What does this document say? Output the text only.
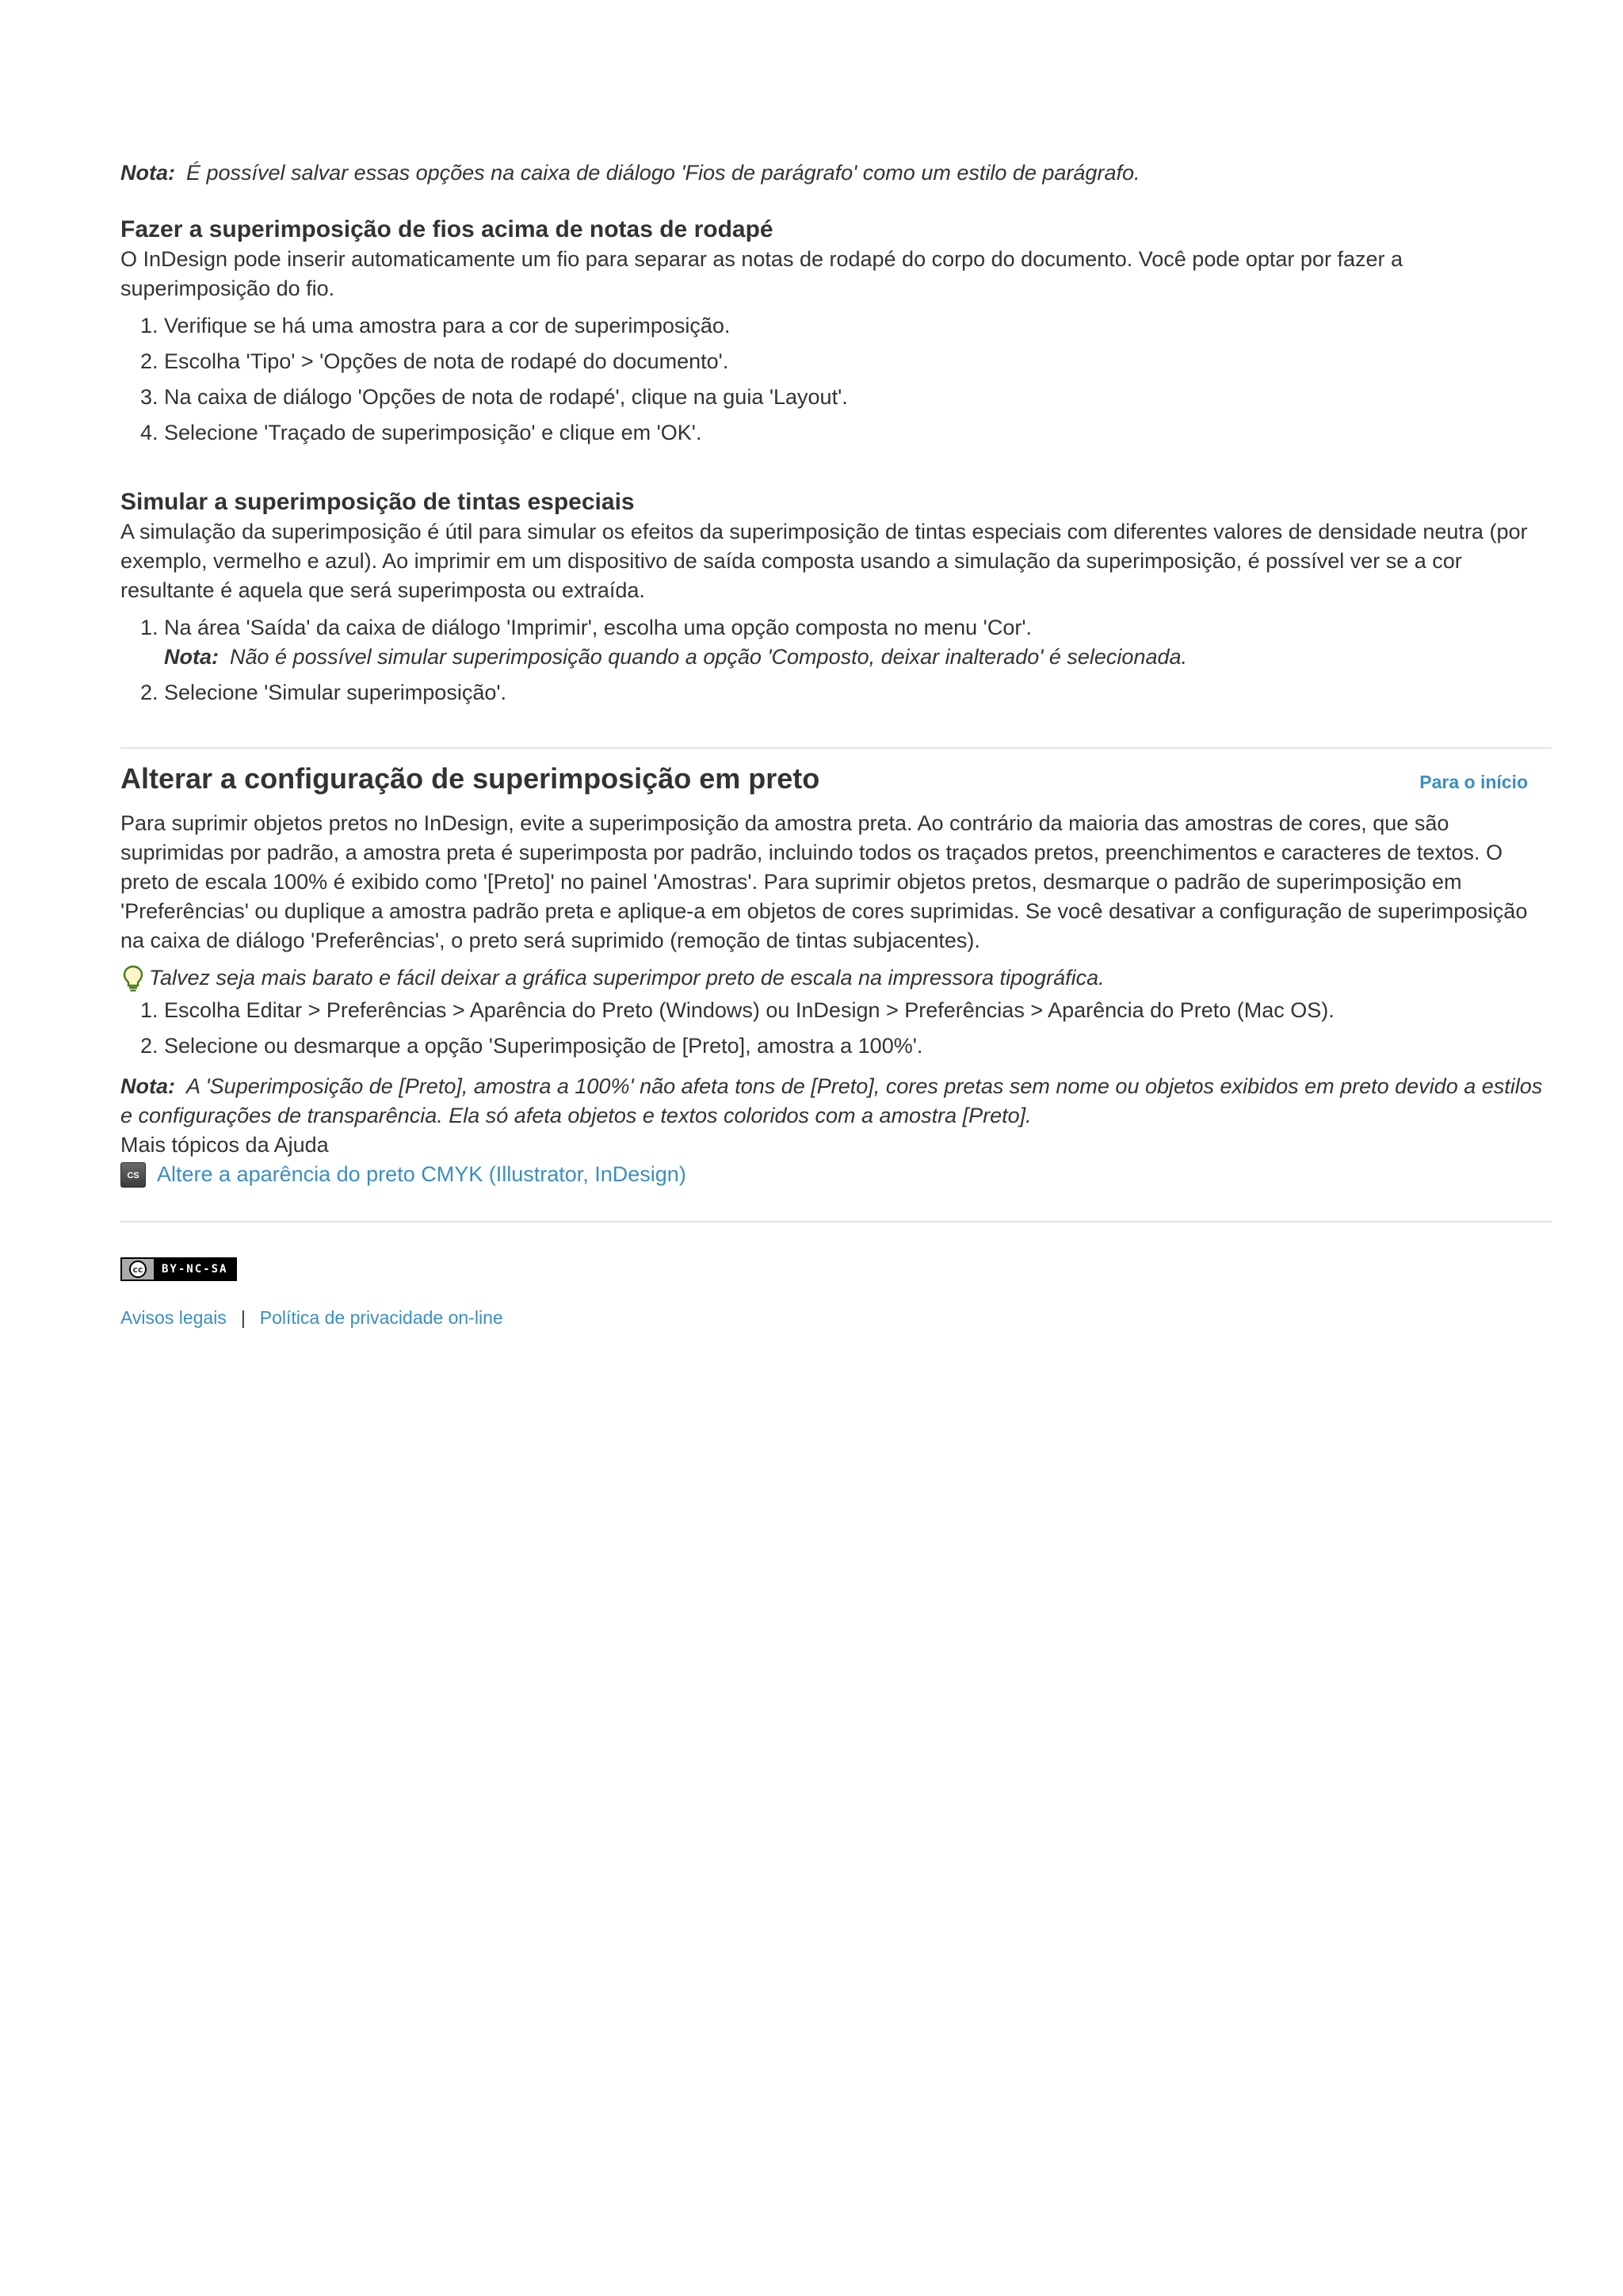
Nota: É possível salvar essas opções na caixa de diálogo 'Fios de parágrafo' como um estilo de parágrafo.

Fazer a superimposição de fios acima de notas de rodapé

O InDesign pode inserir automaticamente um fio para separar as notas de rodapé do corpo do documento. Você pode optar por fazer a superimposição do fio.

1. Verifique se há uma amostra para a cor de superimposição.
2. Escolha 'Tipo' > 'Opções de nota de rodapé do documento'.
3. Na caixa de diálogo 'Opções de nota de rodapé', clique na guia 'Layout'.
4. Selecione 'Traçado de superimposição' e clique em 'OK'.
Simular a superimposição de tintas especiais

A simulação da superimposição é útil para simular os efeitos da superimposição de tintas especiais com diferentes valores de densidade neutra (por exemplo, vermelho e azul). Ao imprimir em um dispositivo de saída composta usando a simulação da superimposição, é possível ver se a cor resultante é aquela que será superimposta ou extraída.

1. Na área 'Saída' da caixa de diálogo 'Imprimir', escolha uma opção composta no menu 'Cor'.
Nota: Não é possível simular superimposição quando a opção 'Composto, deixar inalterado' é selecionada.
2. Selecione 'Simular superimposição'.
Alterar a configuração de superimposição em preto	Para o início

Para suprimir objetos pretos no InDesign, evite a superimposição da amostra preta. Ao contrário da maioria das amostras de cores, que são suprimidas por padrão, a amostra preta é superimposta por padrão, incluindo todos os traçados pretos, preenchimentos e caracteres de textos. O preto de escala 100% é exibido como '[Preto]' no painel 'Amostras'. Para suprimir objetos pretos, desmarque o padrão de superimposição em 'Preferências' ou duplique a amostra padrão preta e aplique-a em objetos de cores suprimidas. Se você desativar a configuração de superimposição na caixa de diálogo 'Preferências', o preto será suprimido (remoção de tintas subjacentes).

Talvez seja mais barato e fácil deixar a gráfica superimpor preto de escala na impressora tipográfica.

1. Escolha Editar > Preferências > Aparência do Preto (Windows) ou InDesign > Preferências > Aparência do Preto (Mac OS).
2. Selecione ou desmarque a opção 'Superimposição de [Preto], amostra a 100%'.

Nota: A 'Superimposição de [Preto], amostra a 100%' não afeta tons de [Preto], cores pretas sem nome ou objetos exibidos em preto devido a estilos e configurações de transparência. Ela só afeta objetos e textos coloridos com a amostra [Preto].

Mais tópicos da Ajuda

CS Altere a aparência do preto CMYK (Illustrator, InDesign)

cc	BY-NC-SA

Avisos legais | Política de privacidade on-line
